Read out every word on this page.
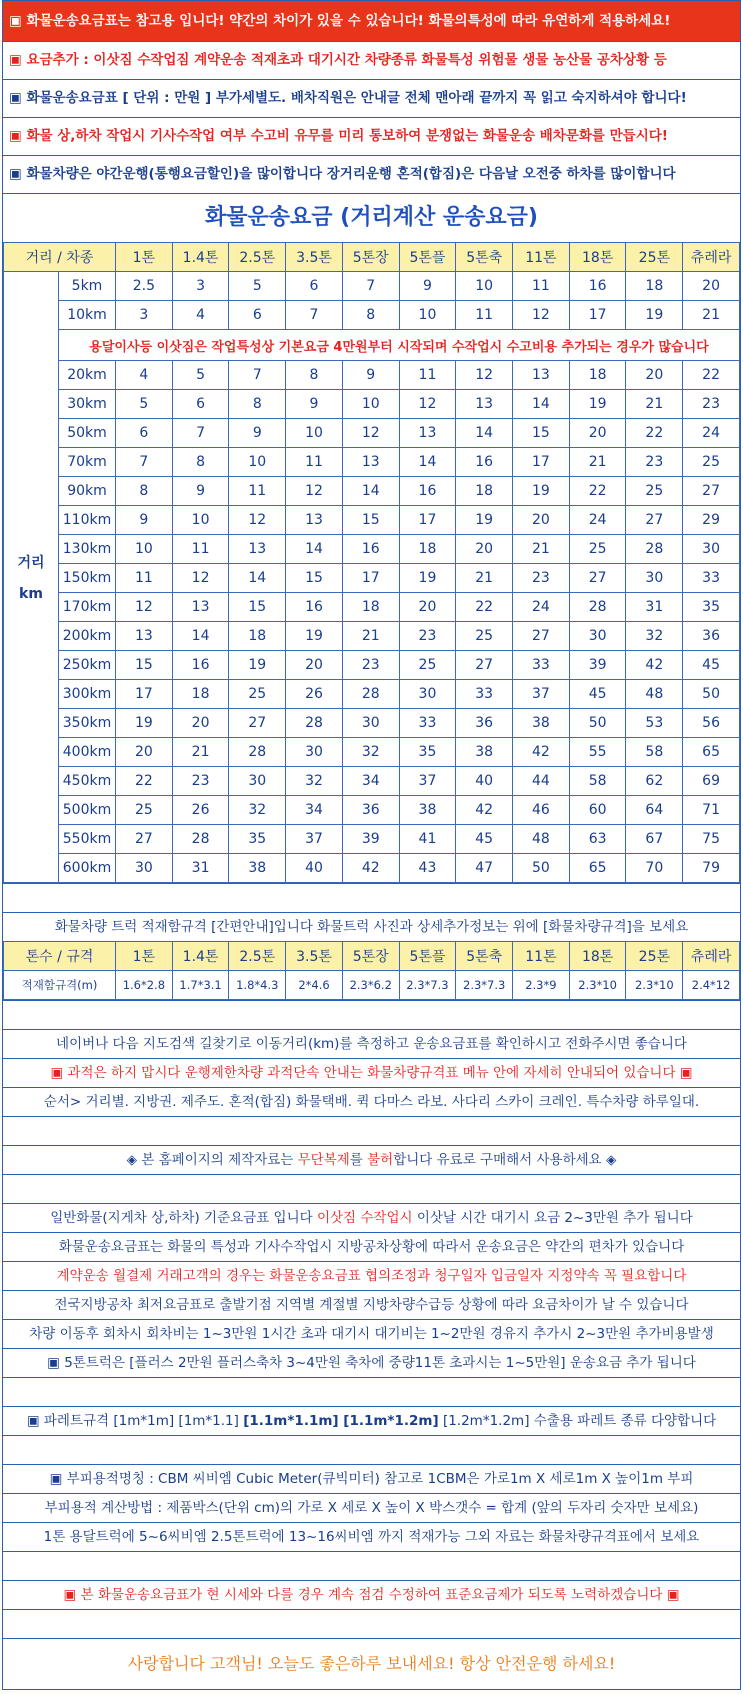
▣ 화물운송요금표는 참고용 입니다! 약간의 차이가 있을 수 있습니다! 화물의특성에 따라 유연하게 적용하세요!
▣ 요금추가 : 이삿짐 수작업짐 계약운송 적재초과 대기시간 차량종류 화물특성 위험물 생물 농산물 공차상황 등
▣ 화물운송요금표 [ 단위 : 만원 ] 부가세별도. 배차직원은 안내글 전체 맨아래 끝까지 꼭 읽고 숙지하셔야 합니다!
▣ 화물 상,하차 작업시 기사수작업 여부 수고비 유무를 미리 통보하여 분쟁없는 화물운송 배차문화를 만듭시다!
▣ 화물차량은 야간운행(통행요금할인)을 많이합니다 장거리운행 혼적(합짐)은 다음날 오전중 하차를 많이합니다
화물운송요금 (거리계산 운송요금)
거리 / 차종		1톤	1.4톤	2.5톤	3.5톤	5톤장	5톤플	5톤축	11톤	18톤	25톤	츄레라

거리
km	5km	2.5	3	5	6	7	9	10	11	16	18	20
	10km	3	4	6	7	8	10	11	12	17	19	21
	용달이사등 이삿짐은 작업특성상 기본요금 4만원부터 시작되며 수작업시 수고비용 추가되는 경우가 많습니다											
	20km	4	5	7	8	9	11	12	13	18	20	22
	30km	5	6	8	9	10	12	13	14	19	21	23
	50km	6	7	9	10	12	13	14	15	20	22	24
	70km	7	8	10	11	13	14	16	17	21	23	25
	90km	8	9	11	12	14	16	18	19	22	25	27
	110km	9	10	12	13	15	17	19	20	24	27	29
	130km	10	11	13	14	16	18	20	21	25	28	30
	150km	11	12	14	15	17	19	21	23	27	30	33
	170km	12	13	15	16	18	20	22	24	28	31	35
	200km	13	14	18	19	21	23	25	27	30	32	36
	250km	15	16	19	20	23	25	27	33	39	42	45
	300km	17	18	25	26	28	30	33	37	45	48	50
	350km	19	20	27	28	30	33	36	38	50	53	56
	400km	20	21	28	30	32	35	38	42	55	58	65
	450km	22	23	30	32	34	37	40	44	58	62	69
	500km	25	26	32	34	36	38	42	46	60	64	71
	550km	27	28	35	37	39	41	45	48	63	67	75
	600km	30	31	38	40	42	43	47	50	65	70	79
화물차량 트럭 적재함규격 [간편안내]입니다 화물트럭 사진과 상세추가정보는 위에 [화물차량규격]을 보세요
톤수 / 규격	1톤	1.4톤	2.5톤	3.5톤	5톤장	5톤플	5톤축	11톤	18톤	25톤	츄레라
적재함규격(m)	1.6*2.8	1.7*3.1	1.8*4.3	2*4.6	2.3*6.2	2.3*7.3	2.3*7.3	2.3*9	2.3*10	2.3*10	2.4*12
네이버나 다음 지도검색 길찾기로 이동거리(km)를 측정하고 운송요금표를 확인하시고 전화주시면 좋습니다
▣ 과적은 하지 맙시다 운행제한차량 과적단속 안내는 화물차량규격표 메뉴 안에 자세히 안내되어 있습니다 ▣
순서> 거리별. 지방권. 제주도. 혼적(합짐) 화물택배. 퀵 다마스 라보. 사다리 스카이 크레인. 특수차량 하루일대.
◈ 본 홈페이지의 제작자료는 무단복제를 불허합니다 유료로 구매해서 사용하세요 ◈
일반화물(지게차 상,하차) 기준요금표 입니다 이삿짐 수작업시 이삿날 시간 대기시 요금 2~3만원 추가 됩니다
화물운송요금표는 화물의 특성과 기사수작업시 지방공차상황에 따라서 운송요금은 약간의 편차가 있습니다
계약운송 월결제 거래고객의 경우는 화물운송요금표 협의조정과 청구일자 입금일자 지정약속 꼭 필요합니다
전국지방공차 최저요금표로 출발기점 지역별 계절별 지방차량수급등 상황에 따라 요금차이가 날 수 있습니다
차량 이동후 회차시 회차비는 1~3만원 1시간 초과 대기시 대기비는 1~2만원 경유지 추가시 2~3만원 추가비용발생
▣ 5톤트럭은 [플러스 2만원 플러스축차 3~4만원 축차에 중량11톤 초과시는 1~5만원] 운송요금 추가 됩니다
▣ 파레트규격 [1m*1m] [1m*1.1] [1.1m*1.1m] [1.1m*1.2m] [1.2m*1.2m] 수출용 파레트 종류 다양합니다
▣ 부피용적명칭 : CBM 씨비엠 Cubic Meter(큐빅미터) 참고로 1CBM은 가로1m X 세로1m X 높이1m 부피
부피용적 계산방법 : 제품박스(단위 cm)의 가로 X 세로 X 높이 X 박스갯수 = 합계 (앞의 두자리 숫자만 보세요)
1톤 용달트럭에 5~6씨비엠 2.5톤트럭에 13~16씨비엠 까지 적재가능 그외 자료는 화물차량규격표에서 보세요
▣ 본 화물운송요금표가 현 시세와 다를 경우 계속 점검 수정하여 표준요금제가 되도록 노력하겠습니다 ▣
사랑합니다 고객님! 오늘도 좋은하루 보내세요! 항상 안전운행 하세요!
